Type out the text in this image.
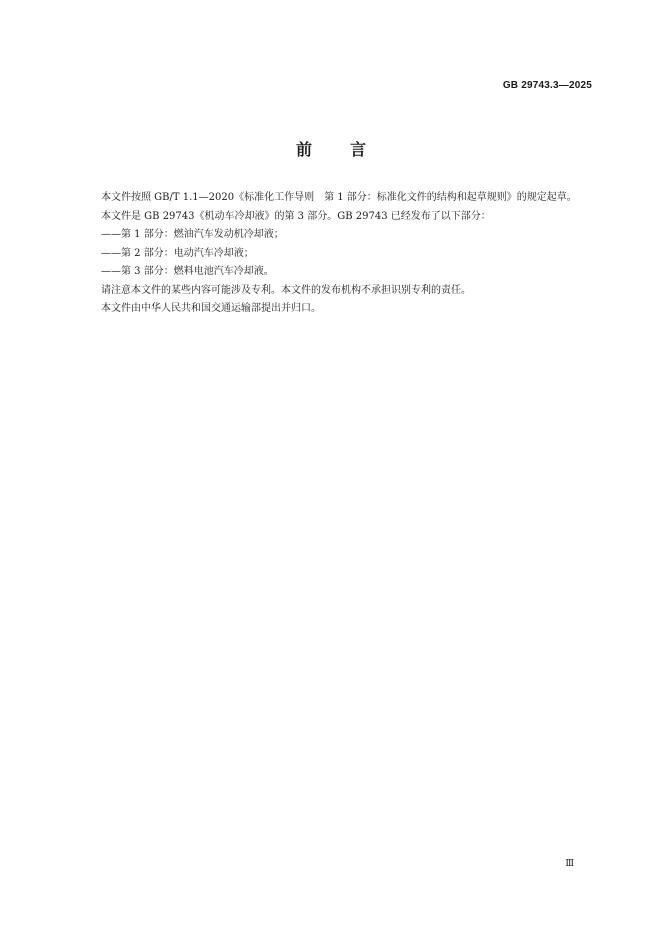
GB 29743.3—2025
前言

本文件按照 GB/T 1.1—2020《标准化工作导则　第 1 部分：标准化文件的结构和起草规则》的规定起草。

本文件是 GB 29743《机动车冷却液》的第 3 部分。GB 29743 已经发布了以下部分：

——第 1 部分：燃油汽车发动机冷却液；

——第 2 部分：电动汽车冷却液；

——第 3 部分：燃料电池汽车冷却液。

请注意本文件的某些内容可能涉及专利。本文件的发布机构不承担识别专利的责任。

本文件由中华人民共和国交通运输部提出并归口。

Ⅲ
